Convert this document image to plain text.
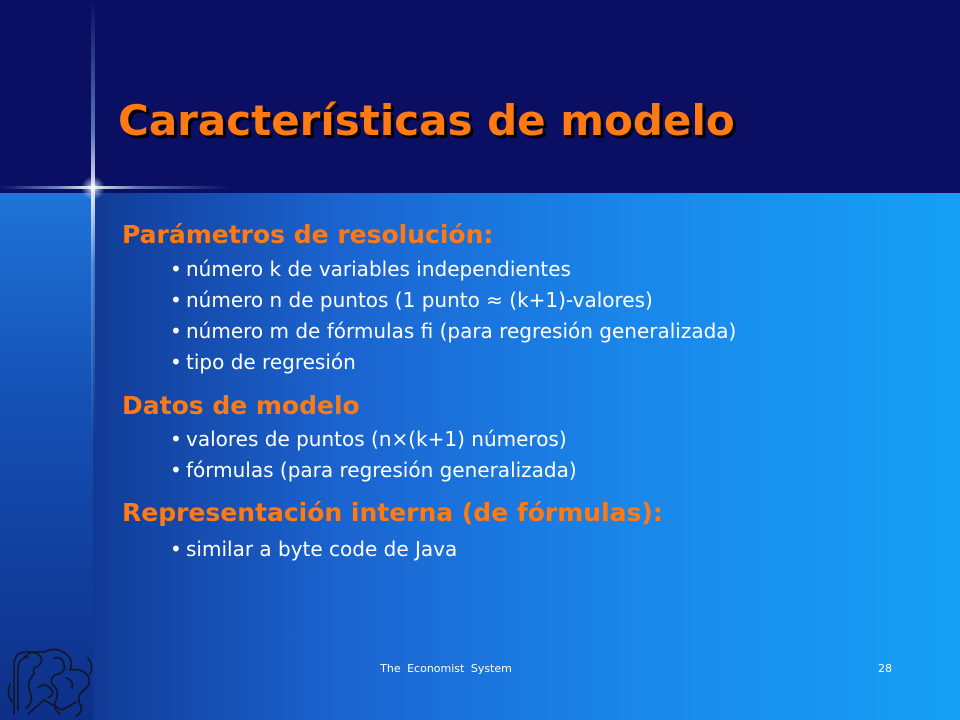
Características de modelo
Parámetros de resolución:
• número k de variables independientes
• número n de puntos (1 punto ≈ (k+1)-valores)
• número m de fórmulas fi (para regresión generalizada)
• tipo de regresión
Datos de modelo
• valores de puntos (n×(k+1) números)
• fórmulas (para regresión generalizada)
Representación interna (de fórmulas):
• similar a byte code de Java
The Economist System	28
